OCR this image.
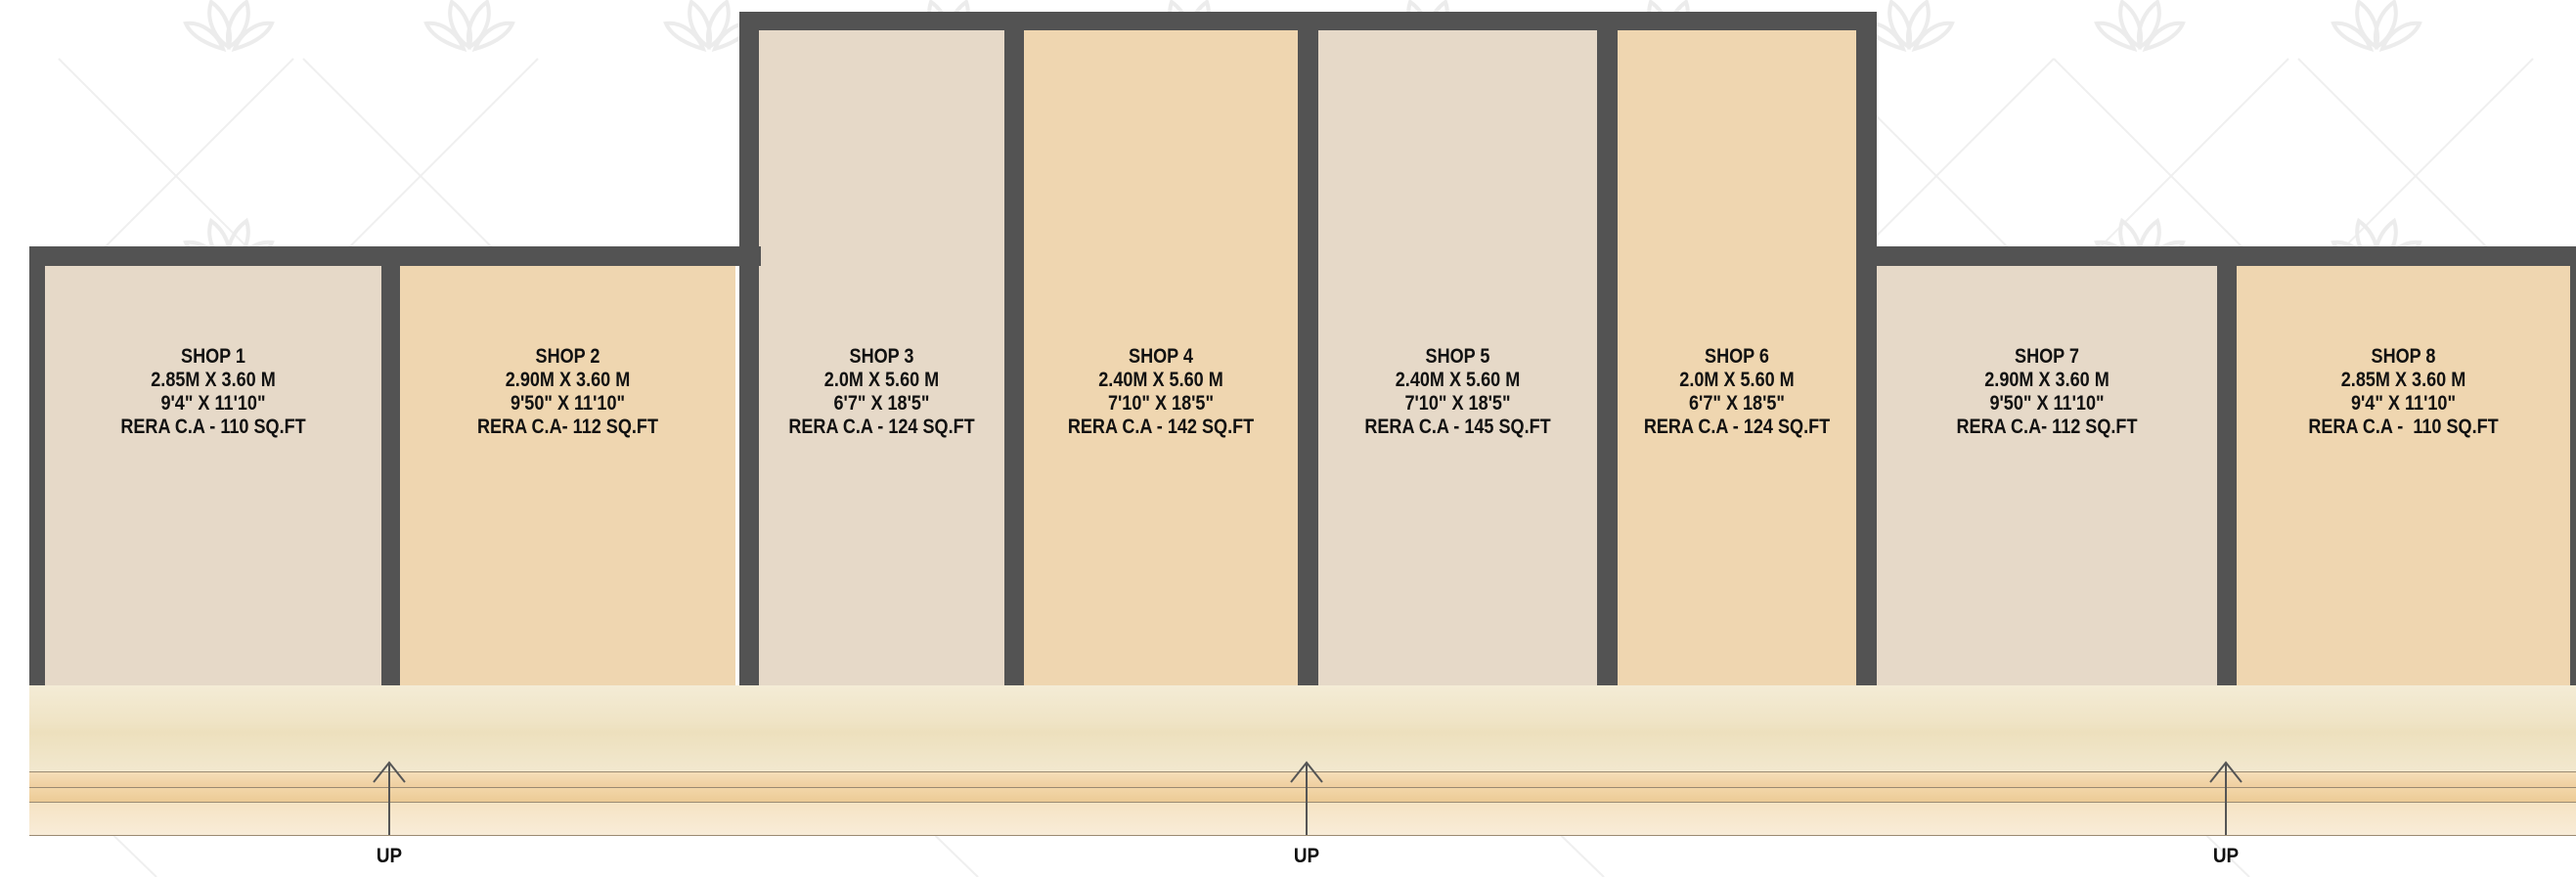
SHOP 1
2.85M X 3.60 M
9'4" X 11'10"
RERA C.A - 110 SQ.FT
SHOP 2
2.90M X 3.60 M
9'50" X 11'10"
RERA C.A- 112 SQ.FT
SHOP 3
2.0M X 5.60 M
6'7" X 18'5"
RERA C.A - 124 SQ.FT
SHOP 4
2.40M X 5.60 M
7'10" X 18'5"
RERA C.A - 142 SQ.FT
SHOP 5
2.40M X 5.60 M
7'10" X 18'5"
RERA C.A - 145 SQ.FT
SHOP 6
2.0M X 5.60 M
6'7" X 18'5"
RERA C.A - 124 SQ.FT
SHOP 7
2.90M X 3.60 M
9'50" X 11'10"
RERA C.A- 112 SQ.FT
SHOP 8
2.85M X 3.60 M
9'4" X 11'10"
RERA C.A -  110 SQ.FT
UP	UP	UP
